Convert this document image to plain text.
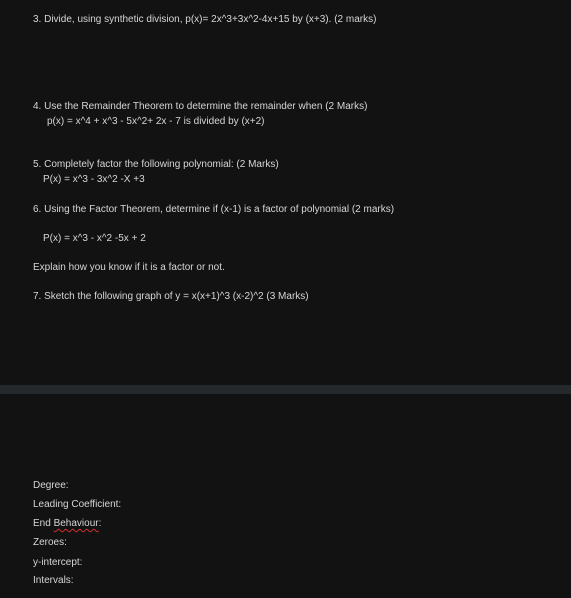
3. Divide, using synthetic division, p(x)= 2x^3+3x^2-4x+15 by (x+3). (2 marks)
4. Use the Remainder Theorem to determine the remainder when (2 Marks)
p(x) = x^4 + x^3 - 5x^2+ 2x - 7 is divided by (x+2)
5. Completely factor the following polynomial: (2 Marks)
P(x) = x^3 - 3x^2 -X +3
6. Using the Factor Theorem, determine if (x-1) is a factor of polynomial (2 marks)
P(x) = x^3 - x^2 -5x + 2
Explain how you know if it is a factor or not.
7. Sketch the following graph of y = x(x+1)^3 (x-2)^2 (3 Marks)
Degree:
Leading Coefficient:
End Behaviour:
Zeroes:
y-intercept:
Intervals:
